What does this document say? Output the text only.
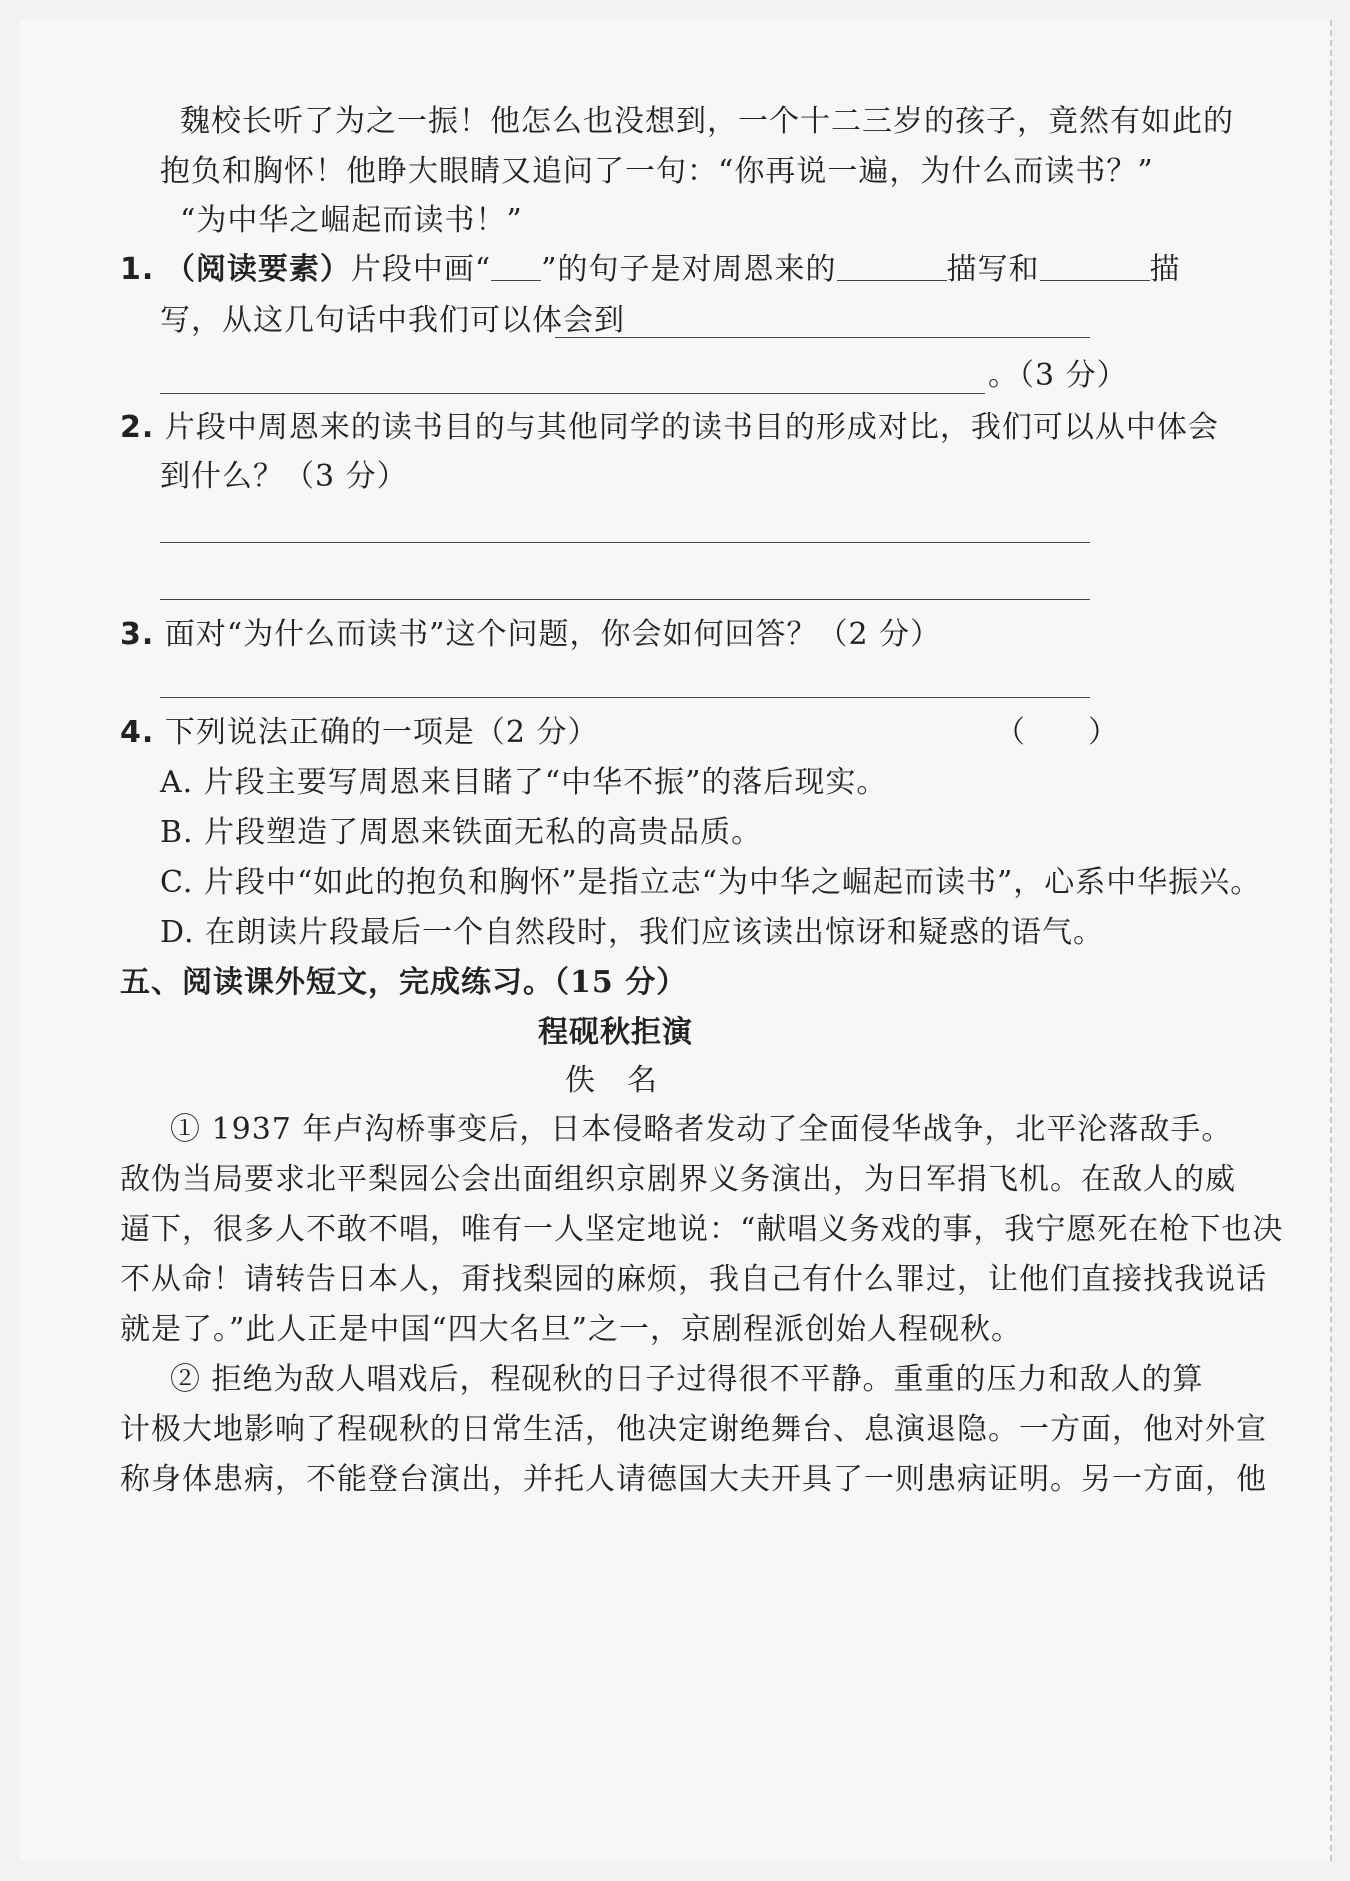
魏校长听了为之一振！他怎么也没想到，一个十二三岁的孩子，竟然有如此的
抱负和胸怀！他睁大眼睛又追问了一句：“你再说一遍，为什么而读书？”
“为中华之崛起而读书！”
1. （阅读要素）片段中画“ ”的句子是对周恩来的	描写和	描
写，从这几句话中我们可以体会到
。（3 分）
2. 片段中周恩来的读书目的与其他同学的读书目的形成对比，我们可以从中体会
到什么？（3 分）
3. 面对“为什么而读书”这个问题，你会如何回答？（2 分）
4. 下列说法正确的一项是（2 分）	（　　）
A. 片段主要写周恩来目睹了“中华不振”的落后现实。
B. 片段塑造了周恩来铁面无私的高贵品质。
C. 片段中“如此的抱负和胸怀”是指立志“为中华之崛起而读书”，心系中华振兴。
D. 在朗读片段最后一个自然段时，我们应该读出惊讶和疑惑的语气。
五、阅读课外短文，完成练习。（15 分）
程砚秋拒演
佚　名
① 1937 年卢沟桥事变后，日本侵略者发动了全面侵华战争，北平沦落敌手。
敌伪当局要求北平梨园公会出面组织京剧界义务演出，为日军捐飞机。在敌人的威
逼下，很多人不敢不唱，唯有一人坚定地说：“献唱义务戏的事，我宁愿死在枪下也决
不从命！请转告日本人，甭找梨园的麻烦，我自己有什么罪过，让他们直接找我说话
就是了。”此人正是中国“四大名旦”之一，京剧程派创始人程砚秋。
② 拒绝为敌人唱戏后，程砚秋的日子过得很不平静。重重的压力和敌人的算
计极大地影响了程砚秋的日常生活，他决定谢绝舞台、息演退隐。一方面，他对外宣
称身体患病，不能登台演出，并托人请德国大夫开具了一则患病证明。另一方面，他
